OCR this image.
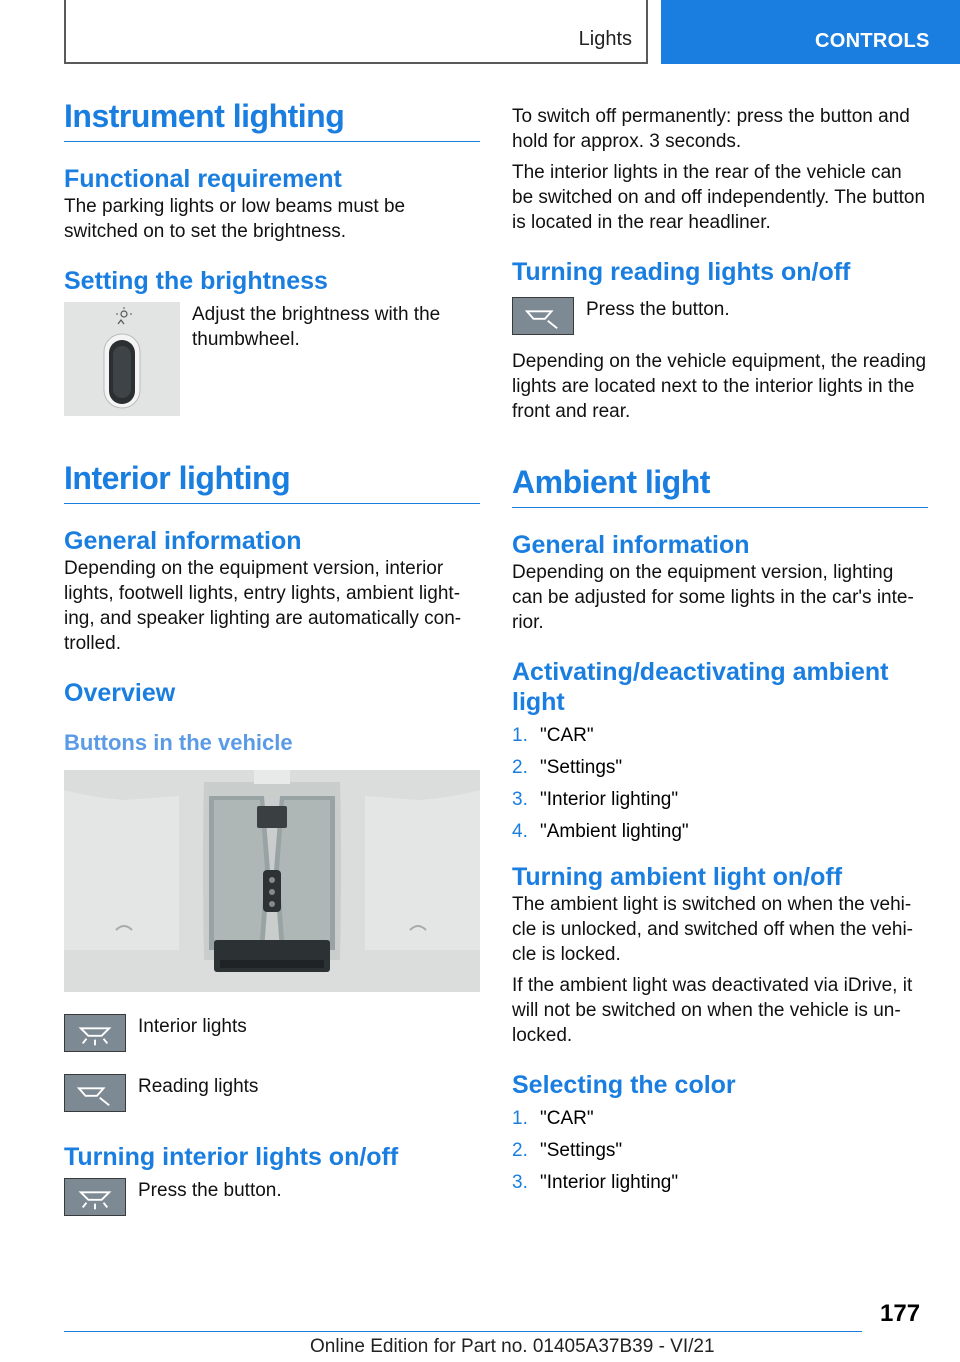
Lights	CONTROLS
Instrument lighting
Functional requirement

The parking lights or low beams must be switched on to set the brightness.

Setting the brightness

Adjust the brightness with the thumbwheel.

Interior lighting
General information

Depending on the equipment version, interior lights, footwell lights, entry lights, ambient lighting, and speaker lighting are automatically controlled.

Overview
Buttons in the vehicle

Interior lights

Reading lights

Turning interior lights on/off

Press the button.

To switch off permanently: press the button and hold for approx. 3 seconds.

The interior lights in the rear of the vehicle can be switched on and off independently. The button is located in the rear headliner.

Turning reading lights on/off

Press the button.

Depending on the vehicle equipment, the reading lights are located next to the interior lights in the front and rear.

Ambient light
General information

Depending on the equipment version, lighting can be adjusted for some lights in the car's interior.

Activating/deactivating ambient light
1. "CAR"
2. "Settings"
3. "Interior lighting"
4. "Ambient lighting"
Turning ambient light on/off

The ambient light is switched on when the vehicle is unlocked, and switched off when the vehicle is locked.

If the ambient light was deactivated via iDrive, it will not be switched on when the vehicle is unlocked.

Selecting the color
1. "CAR"
2. "Settings"
3. "Interior lighting"
177
Online Edition for Part no. 01405A37B39 - VI/21
